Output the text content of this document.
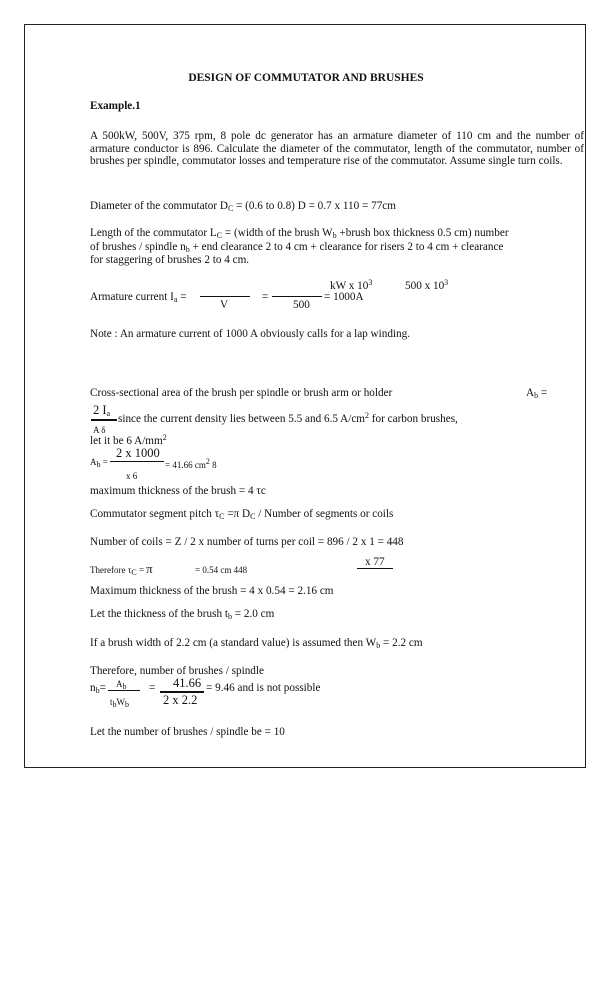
DESIGN OF COMMUTATOR AND BRUSHES
Example.1
A 500kW, 500V, 375 rpm, 8 pole dc generator has an armature diameter of 110 cm and the number of armature conductor is 896. Calculate the diameter of the commutator, length of the commutator, number of brushes per spindle, commutator losses and temperature rise of the commutator. Assume single turn coils.
Diameter of the commutator $D_C = (0.6$ to 0.8) D = 0.7 x 110 = 77cm
Length of the commutator $L_C$ = (width of the brush $W_b$ +brush box thickness 0.5 cm) number
of brushes / spindle $n_b$ + end clearance 2 to 4 cm + clearance for risers 2 to 4 cm + clearance
for staggering of brushes 2 to 4 cm.
kW x $10^3$	500 x $10^3$
Armature current $I_a$ =
V
=
500
= 1000A
Note : An armature current of 1000 A obviously calls for a lap winding.
Cross-sectional area of the brush per spindle or brush arm or holder	$A_b$ =
2 $I_a$
A δ
since the current density lies between 5.5 and 6.5 $A/cm^2$ for carbon brushes,
let it be 6 $A/mm^2$
2 x 1000
$A_b$ =	= 41.66 $cm^2$ 8
x 6
maximum thickness of the brush = 4 τc
Commutator segment pitch $\tau_C =\pi$ $D_C$ / Number of segments or coils
Number of coils = Z / 2 x number of turns per coil = 896 / 2 x 1 = 448
Therefore $\tau_C = \pi$	= 0.54 cm 448
x 77
Maximum thickness of the brush = 4 x 0.54 = 2.16 cm
Let the thickness of the brush $t_b = 2.0$ cm
If a brush width of 2.2 cm (a standard value) is assumed then $W_b = 2.2$ cm
Therefore, number of brushes / spindle
$n_b= A_b$
$t_bW_b$
= 41.66
2 x 2.2
= 9.46 and is not possible
Let the number of brushes / spindle be = 10
